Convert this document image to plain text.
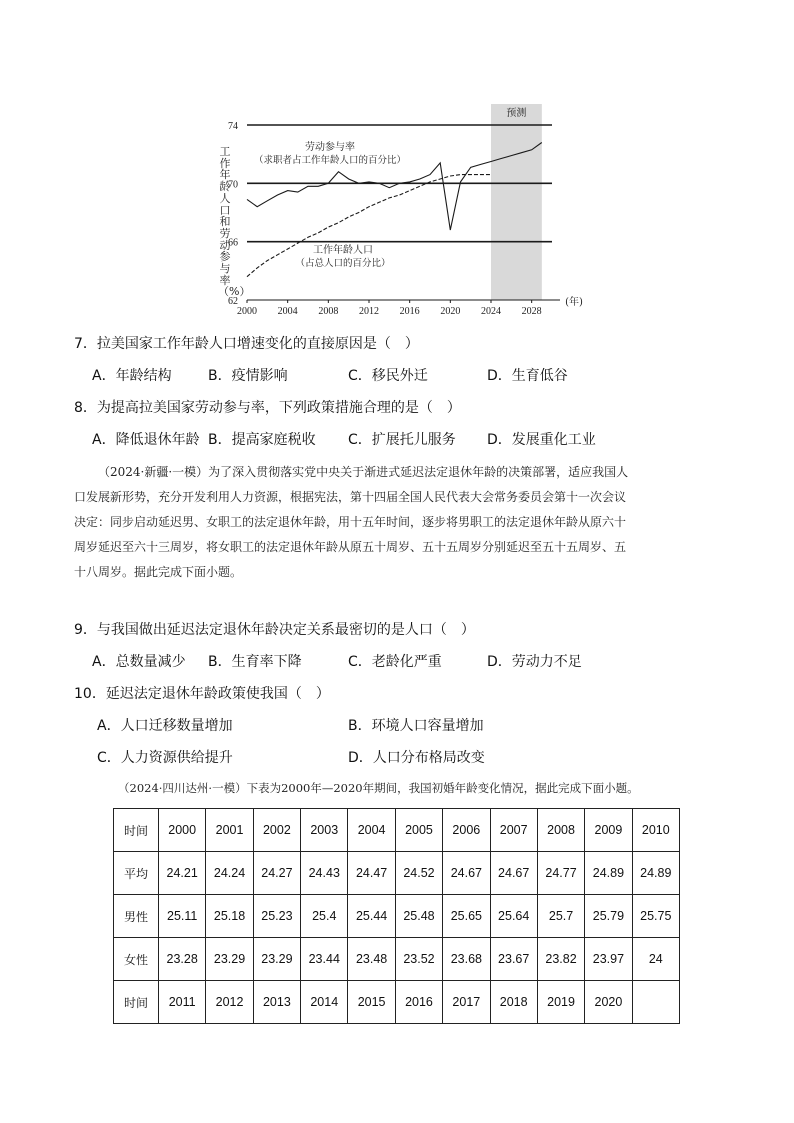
工作年龄人口和劳动参与率（%）
预测
62
66
70
74
2000 2004 2008 2012 2016 2020 2024 2028
(年)
劳动参与率
（求职者占工作年龄人口的百分比）
工作年龄人口
（占总人口的百分比）
7．拉美国家工作年龄人口增速变化的直接原因是（　）
A．年龄结构	B．疫情影响	C．移民外迁	D．生育低谷
8．为提高拉美国家劳动参与率，下列政策措施合理的是（　）
A．降低退休年龄 B．提高家庭税收 C．扩展托儿服务 D．发展重化工业
（2024·新疆·一模）为了深入贯彻落实党中央关于渐进式延迟法定退休年龄的决策部署，适应我国人
口发展新形势，充分开发利用人力资源，根据宪法，第十四届全国人民代表大会常务委员会第十一次会议
决定：同步启动延迟男、女职工的法定退休年龄，用十五年时间，逐步将男职工的法定退休年龄从原六十
周岁延迟至六十三周岁，将女职工的法定退休年龄从原五十周岁、五十五周岁分别延迟至五十五周岁、五
十八周岁。据此完成下面小题。
9．与我国做出延迟法定退休年龄决定关系最密切的是人口（　）
A．总数量减少 B．生育率下降	C．老龄化严重	D．劳动力不足
10．延迟法定退休年龄政策使我国（　）
A．人口迁移数量增加	B．环境人口容量增加
C．人力资源供给提升	D．人口分布格局改变
（2024·四川达州·一模）下表为2000年—2020年期间，我国初婚年龄变化情况，据此完成下面小题。
时间	2000	2001	2002	2003	2004	2005	2006	2007	2008	2009	2010
平均	24.21	24.24	24.27	24.43	24.47	24.52	24.67	24.67	24.77	24.89	24.89
男性	25.11	25.18	25.23	25.4	25.44	25.48	25.65	25.64	25.7	25.79	25.75
女性	23.28	23.29	23.29	23.44	23.48	23.52	23.68	23.67	23.82	23.97	24
时间	2011	2012	2013	2014	2015	2016	2017	2018	2019	2020	
